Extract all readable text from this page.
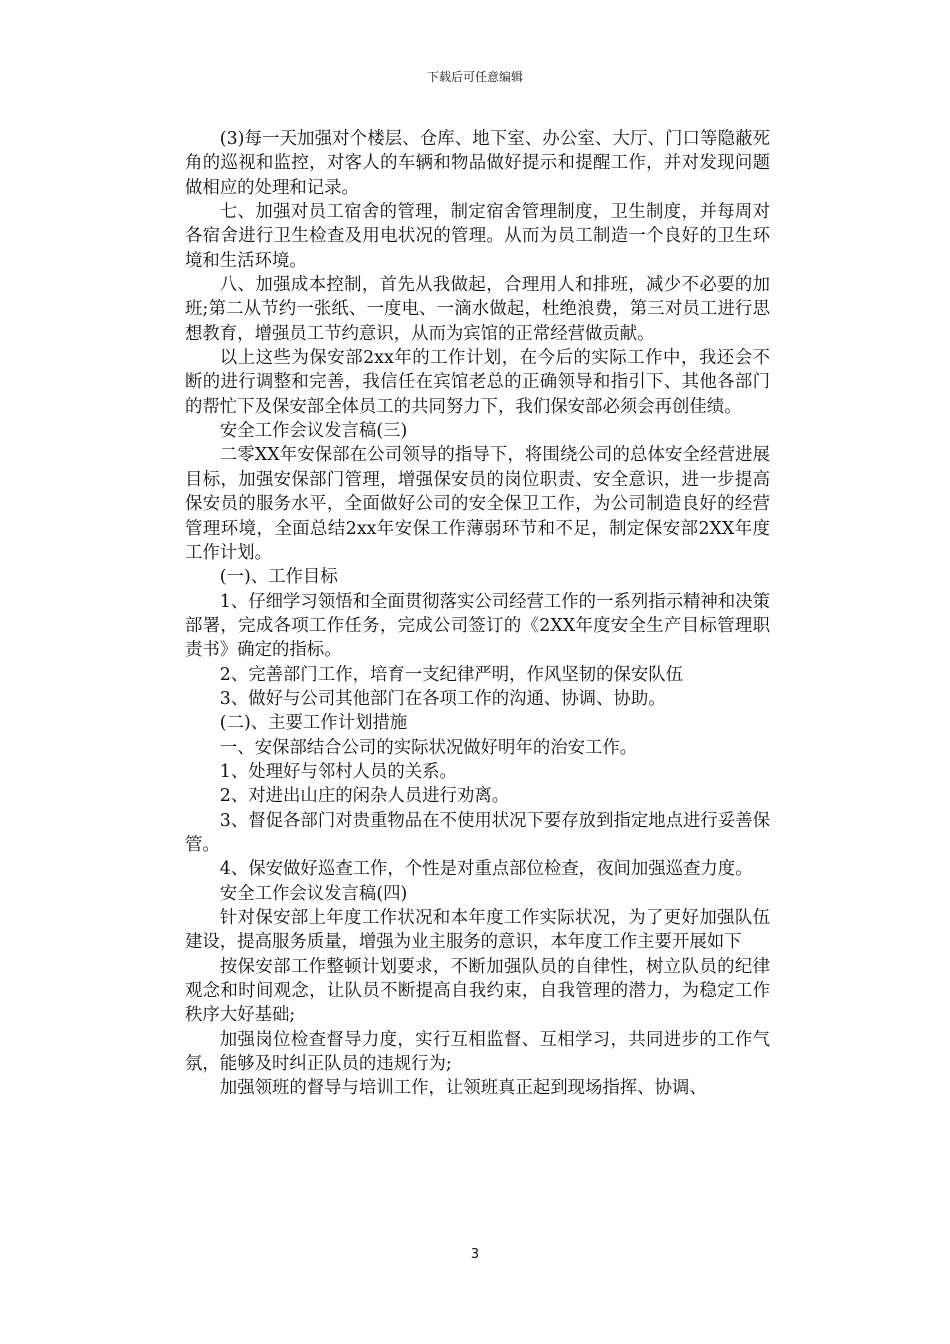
下载后可任意编辑

(3)每一天加强对个楼层、仓库、地下室、办公室、大厅、门口等隐蔽死角的巡视和监控，对客人的车辆和物品做好提示和提醒工作，并对发现问题做相应的处理和记录。

七、加强对员工宿舍的管理，制定宿舍管理制度，卫生制度，并每周对各宿舍进行卫生检查及用电状况的管理。从而为员工制造一个良好的卫生环境和生活环境。

八、加强成本控制，首先从我做起，合理用人和排班，减少不必要的加班;第二从节约一张纸、一度电、一滴水做起，杜绝浪费，第三对员工进行思想教育，增强员工节约意识，从而为宾馆的正常经营做贡献。

以上这些为保安部2xx年的工作计划，在今后的实际工作中，我还会不断的进行调整和完善，我信任在宾馆老总的正确领导和指引下、其他各部门的帮忙下及保安部全体员工的共同努力下，我们保安部必须会再创佳绩。

安全工作会议发言稿(三)

二零XX年安保部在公司领导的指导下，将围绕公司的总体安全经营进展目标，加强安保部门管理，增强保安员的岗位职责、安全意识，进一步提高保安员的服务水平，全面做好公司的安全保卫工作，为公司制造良好的经营管理环境，全面总结2xx年安保工作薄弱环节和不足，制定保安部2XX年度工作计划。

(一)、工作目标

1、仔细学习领悟和全面贯彻落实公司经营工作的一系列指示精神和决策部署，完成各项工作任务，完成公司签订的《2XX年度安全生产目标管理职责书》确定的指标。

2、完善部门工作，培育一支纪律严明，作风坚韧的保安队伍

3、做好与公司其他部门在各项工作的沟通、协调、协助。

(二)、主要工作计划措施

一、安保部结合公司的实际状况做好明年的治安工作。

1、处理好与邻村人员的关系。

2、对进出山庄的闲杂人员进行劝离。

3、督促各部门对贵重物品在不使用状况下要存放到指定地点进行妥善保管。

4、保安做好巡查工作，个性是对重点部位检查，夜间加强巡查力度。

安全工作会议发言稿(四)

针对保安部上年度工作状况和本年度工作实际状况，为了更好加强队伍建设，提高服务质量，增强为业主服务的意识，本年度工作主要开展如下

按保安部工作整顿计划要求，不断加强队员的自律性，树立队员的纪律观念和时间观念，让队员不断提高自我约束，自我管理的潜力，为稳定工作秩序大好基础;

加强岗位检查督导力度，实行互相监督、互相学习，共同进步的工作气氛，能够及时纠正队员的违规行为;

加强领班的督导与培训工作，让领班真正起到现场指挥、协调、

3
